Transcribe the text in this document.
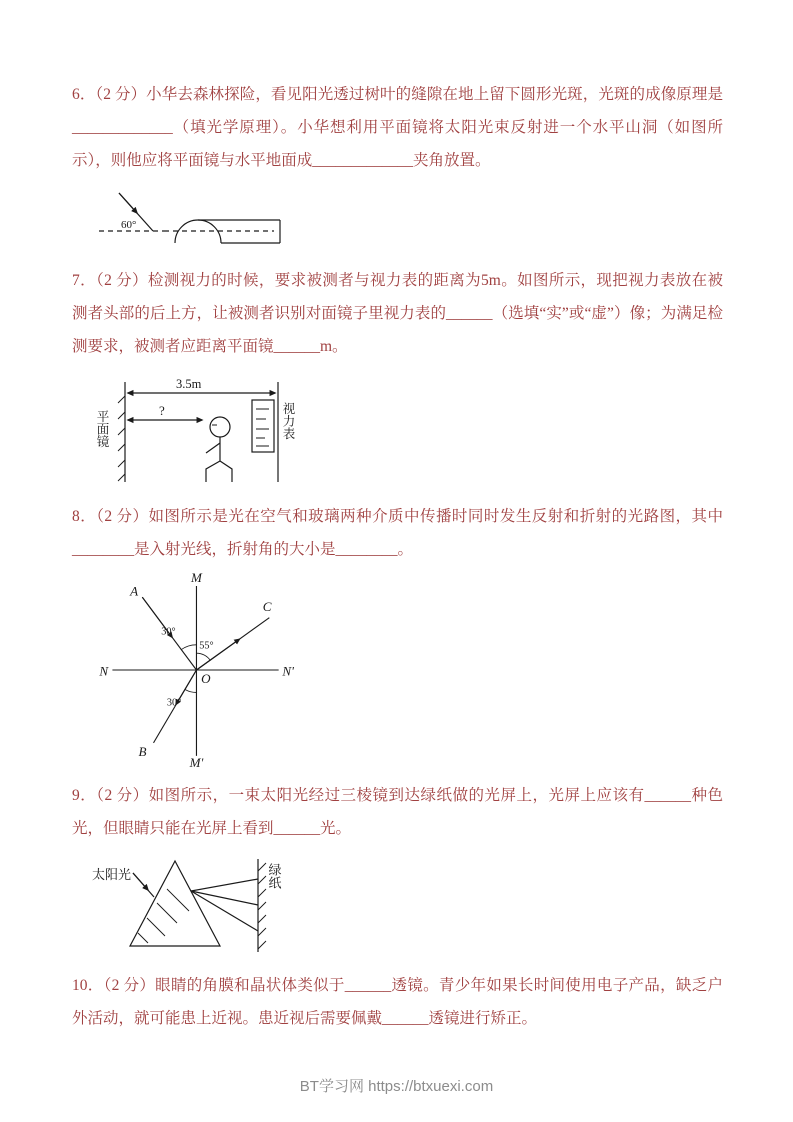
6．（2 分）小华去森林探险，看见阳光透过树叶的缝隙在地上留下圆形光斑，光斑的成像原理是_____________（填光学原理）。小华想利用平面镜将太阳光束反射进一个水平山洞（如图所示），则他应将平面镜与水平地面成_____________夹角放置。

60°

7．（2 分）检测视力的时候，要求被测者与视力表的距离为5m。如图所示，现把视力表放在被测者头部的后上方，让被测者识别对面镜子里视力表的______（选填“实”或“虚”）像；为满足检测要求，被测者应距离平面镜______m。

3.5m
?
平面镜	视力表

8．（2 分）如图所示是光在空气和玻璃两种介质中传播时同时发生反射和折射的光路图，其中________是入射光线，折射角的大小是________。

A
M
C
N	O	N'
B
M'
30°
55°
30°

9．（2 分）如图所示，一束太阳光经过三棱镜到达绿纸做的光屏上，光屏上应该有______种色光，但眼睛只能在光屏上看到______光。

太阳光	绿纸

10．（2 分）眼睛的角膜和晶状体类似于______透镜。青少年如果长时间使用电子产品，缺乏户外活动，就可能患上近视。患近视后需要佩戴______透镜进行矫正。

BT学习网 https://btxuexi.com
